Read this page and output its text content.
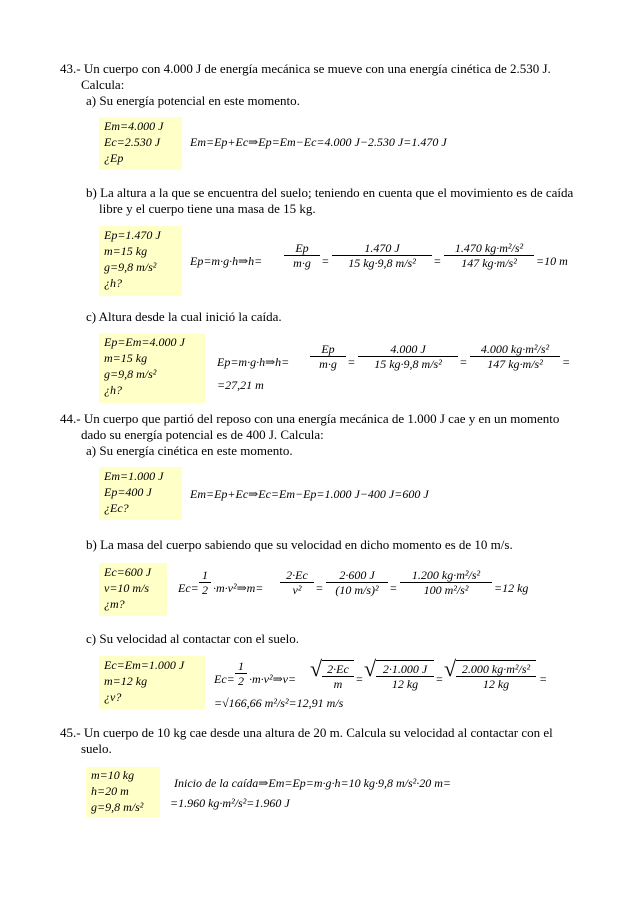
43.- Un cuerpo con 4.000 J de energía mecánica se mueve con una energía cinética de 2.530 J.
Calcula:
a) Su energía potencial en este momento.
Em=4.000 J
Ec=2.530 J
¿Ep
Em=Ep+Ec⇒Ep=Em−Ec=4.000 J−2.530 J=1.470 J
b) La altura a la que se encuentra del suelo; teniendo en cuenta que el movimiento es de caída
libre y el cuerpo tiene una masa de 15 kg.
Ep=1.470 J
m=15 kg
g=9,8 m/s²
¿h?
Ep=m·g·h⇒h=
Ep
m·g =
1.470 J
15 kg·9,8 m/s²	=
1.470 kg·m²/s²
147 kg·m/s²	=10 m
c) Altura desde la cual inició la caída.
Ep=Em=4.000 J
m=15 kg
g=9,8 m/s²
¿h?
Ep=m·g·h⇒h=
Ep
m·g =
4.000 J
15 kg·9,8 m/s²	=
4.000 kg·m²/s²
147 kg·m/s²	=
=27,21 m
44.- Un cuerpo que partió del reposo con una energía mecánica de 1.000 J cae y en un momento
dado su energía potencial es de 400 J. Calcula:
a) Su energía cinética en este momento.
Em=1.000 J
Ep=400 J
¿Ec?
Em=Ep+Ec⇒Ec=Em−Ep=1.000 J−400 J=600 J
b) La masa del cuerpo sabiendo que su velocidad en dicho momento es de 10 m/s.
Ec=600 J
v=10 m/s
¿m?
Ec=
1
2 ·m·v²⇒m=
2·Ec
v²	=
2·600 J
(10 m/s)² =
1.200 kg·m²/s²
100 m²/s²	=12 kg
c) Su velocidad al contactar con el suelo.
Ec=Em=1.000 J
m=12 kg
¿v?
Ec=
1
2 ·m·v²⇒v= √ 2·Ec
m	= √ 2·1.000 J
12 kg	= √ 2.000 kg·m²/s²
12 kg	=
=√166,66 m²/s²=12,91 m/s
45.- Un cuerpo de 10 kg cae desde una altura de 20 m. Calcula su velocidad al contactar con el
suelo.
m=10 kg
h=20 m
g=9,8 m/s²
Inicio de la caída⇒Em=Ep=m·g·h=10 kg·9,8 m/s²·20 m=
=1.960 kg·m²/s²=1.960 J
